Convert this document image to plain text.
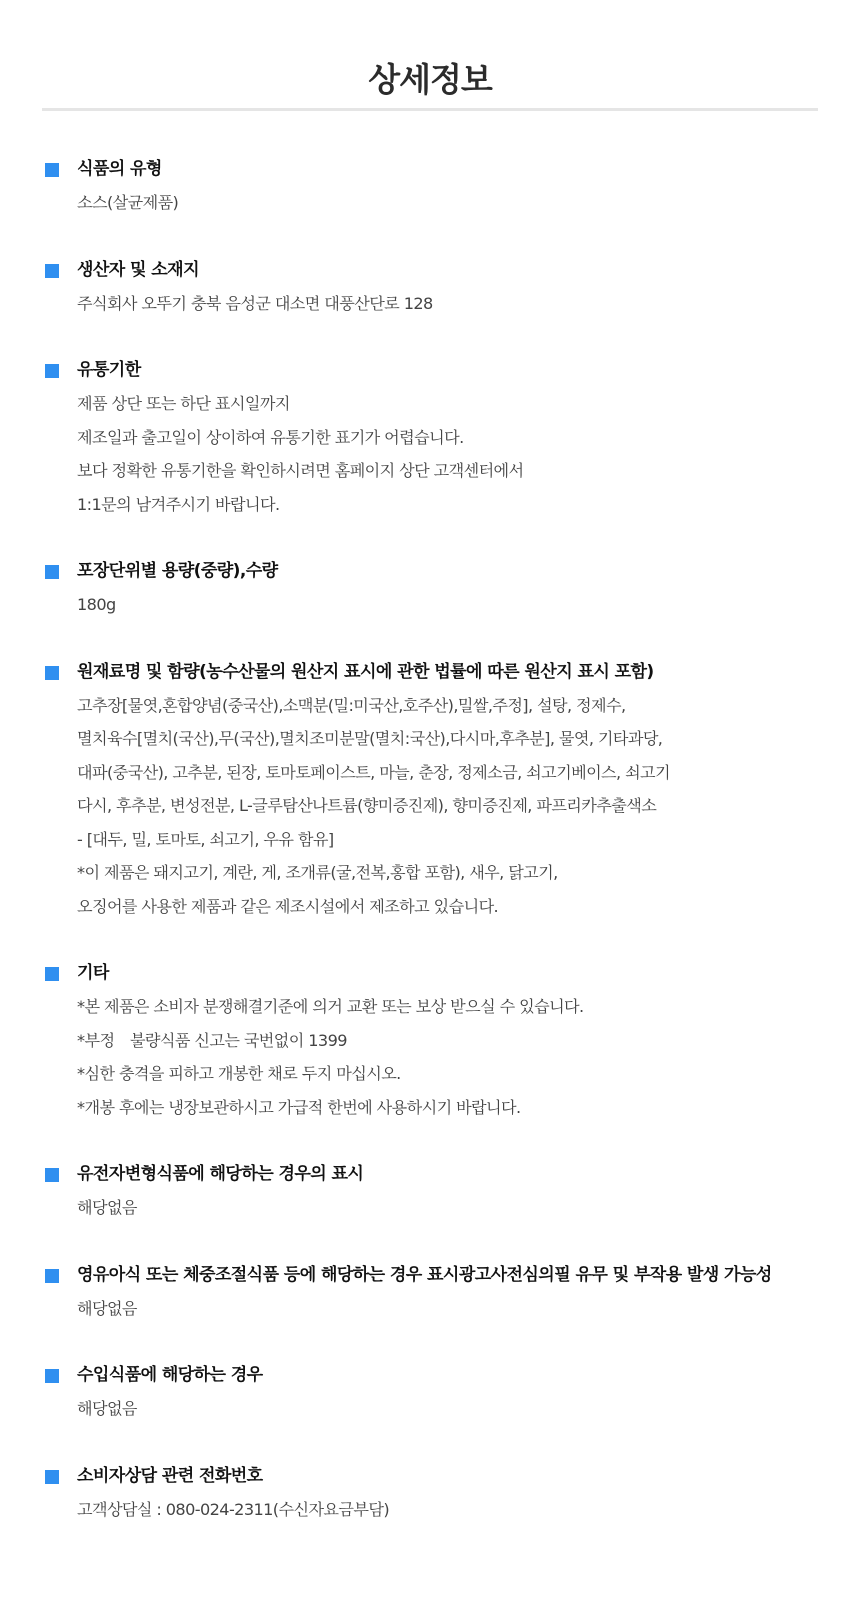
상세정보
식품의 유형
소스(살균제품)
생산자 및 소재지
주식회사 오뚜기 충북 음성군 대소면 대풍산단로 128
유통기한
제품 상단 또는 하단 표시일까지
제조일과 출고일이 상이하여 유통기한 표기가 어렵습니다.
보다 정확한 유통기한을 확인하시려면 홈페이지 상단 고객센터에서
1:1문의 남겨주시기 바랍니다.
포장단위별 용량(중량),수량
180g
원재료명 및 함량(농수산물의 원산지 표시에 관한 법률에 따른 원산지 표시 포함)
고추장[물엿,혼합양념(중국산),소맥분(밀:미국산,호주산),밀쌀,주정], 설탕, 정제수,
멸치육수[멸치(국산),무(국산),멸치조미분말(멸치:국산),다시마,후추분], 물엿, 기타과당,
대파(중국산), 고추분, 된장, 토마토페이스트, 마늘, 춘장, 정제소금, 쇠고기베이스, 쇠고기
다시, 후추분, 변성전분, L-글루탐산나트륨(향미증진제), 향미증진제, 파프리카추출색소
- [대두, 밀, 토마토, 쇠고기, 우유 함유]
*이 제품은 돼지고기, 계란, 게, 조개류(굴,전복,홍합 포함), 새우, 닭고기,
오징어를 사용한 제품과 같은 제조시설에서 제조하고 있습니다.
기타
*본 제품은 소비자 분쟁해결기준에 의거 교환 또는 보상 받으실 수 있습니다.
*부정　불량식품 신고는 국번없이 1399
*심한 충격을 피하고 개봉한 채로 두지 마십시오.
*개봉 후에는 냉장보관하시고 가급적 한번에 사용하시기 바랍니다.
유전자변형식품에 해당하는 경우의 표시
해당없음
영유아식 또는 체중조절식품 등에 해당하는 경우 표시광고사전심의필 유무 및 부작용 발생 가능성
해당없음
수입식품에 해당하는 경우
해당없음
소비자상담 관련 전화번호
고객상담실 : 080-024-2311(수신자요금부담)
